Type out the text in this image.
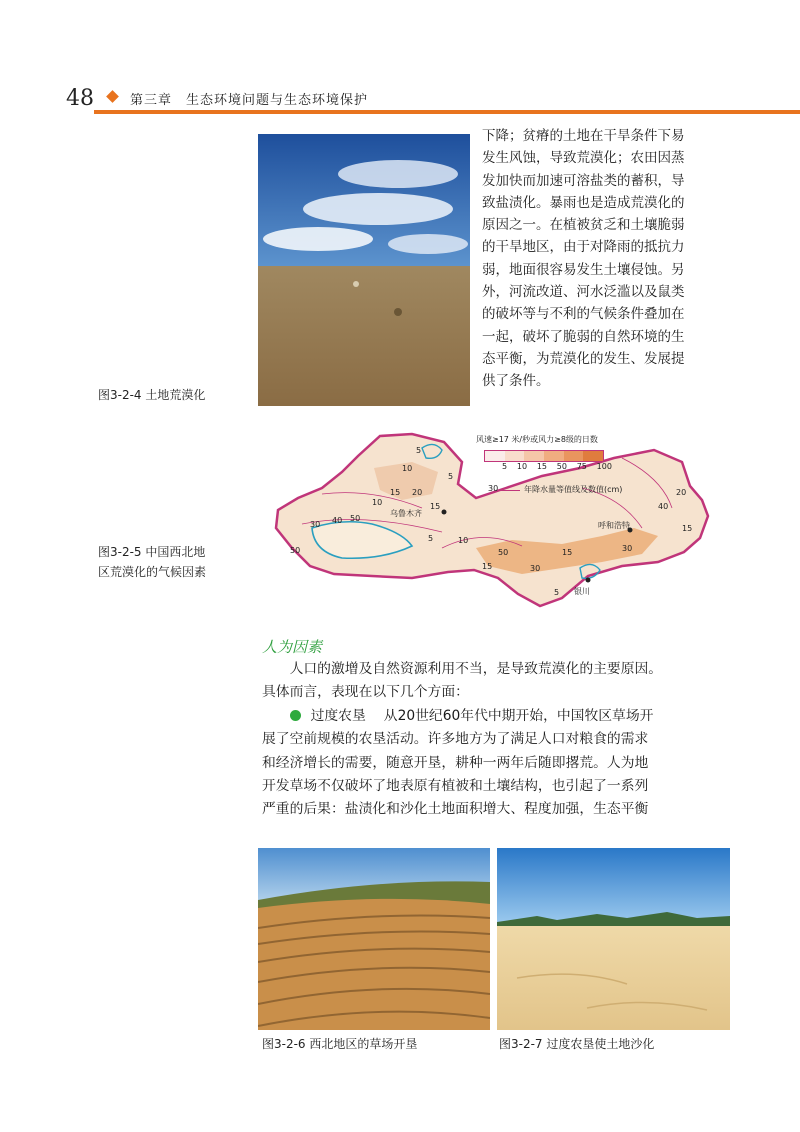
48	第三章 生态环境问题与生态环境保护
图3-2-4 土地荒漠化

下降；贫瘠的土地在干旱条件下易

发生风蚀，导致荒漠化；农田因蒸

发加快而加速可溶盐类的蓄积，导

致盐渍化。暴雨也是造成荒漠化的

原因之一。在植被贫乏和土壤脆弱

的干旱地区，由于对降雨的抵抗力

弱，地面很容易发生土壤侵蚀。另

外，河流改道、河水泛滥以及鼠类

的破坏等与不利的气候条件叠加在

一起，破坏了脆弱的自然环境的生

态平衡，为荒漠化的发生、发展提

供了条件。

风速≥17 米/秒或风力≥8级的日数
5 10 15 50 75 100
30	年降水量等值线及数值(cm)
乌鲁木齐
呼和浩特
银川
5
10
15 20
30 40 50
10	15
5
5	10
50
15	30
15	30
40
20
15
50
5
图3-2-5 中国西北地
区荒漠化的气候因素
人为因素

人口的激增及自然资源利用不当，是导致荒漠化的主要原因。

具体而言，表现在以下几个方面：

过度农垦 从20世纪60年代中期开始，中国牧区草场开

展了空前规模的农垦活动。许多地方为了满足人口对粮食的需求

和经济增长的需要，随意开垦，耕种一两年后随即撂荒。人为地

开发草场不仅破坏了地表原有植被和土壤结构，也引起了一系列

严重的后果：盐渍化和沙化土地面积增大、程度加强，生态平衡

图3-2-6 西北地区的草场开垦	图3-2-7 过度农垦使土地沙化
